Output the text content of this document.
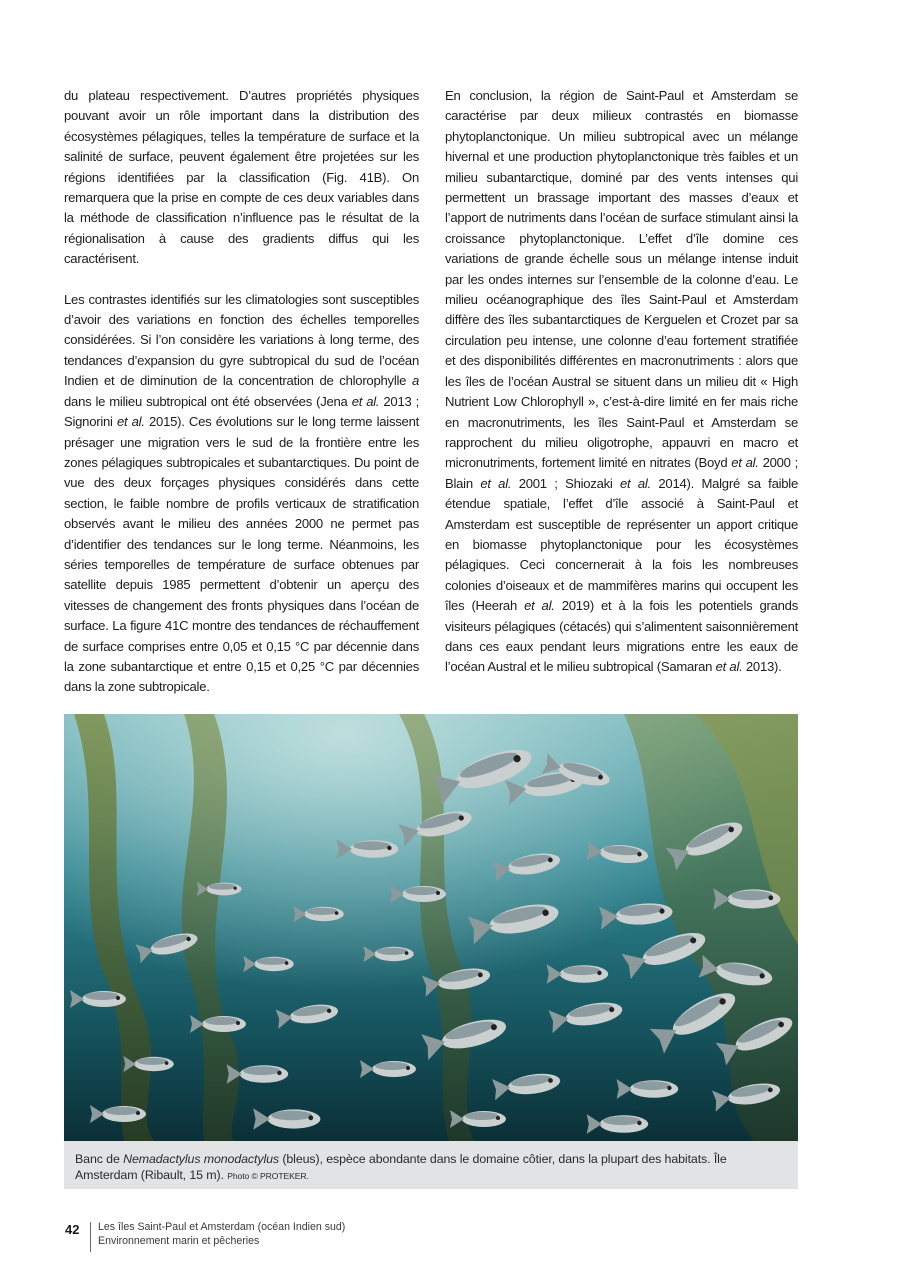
du plateau respectivement. D’autres propriétés physiques pouvant avoir un rôle important dans la distribution des écosystèmes pélagiques, telles la température de surface et la salinité de surface, peuvent également être projetées sur les régions identifiées par la classification (Fig. 41B). On remarquera que la prise en compte de ces deux variables dans la méthode de classification n’influence pas le résultat de la régionalisation à cause des gradients diffus qui les caractérisent.

Les contrastes identifiés sur les climatologies sont susceptibles d’avoir des variations en fonction des échelles temporelles considérées. Si l’on considère les variations à long terme, des tendances d’expansion du gyre subtropical du sud de l’océan Indien et de diminution de la concentration de chlorophylle a dans le milieu subtropical ont été observées (Jena et al. 2013 ; Signorini et al. 2015). Ces évolutions sur le long terme laissent présager une migration vers le sud de la frontière entre les zones pélagiques subtropicales et subantarctiques. Du point de vue des deux forçages physiques considérés dans cette section, le faible nombre de profils verticaux de stratification observés avant le milieu des années 2000 ne permet pas d’identifier des tendances sur le long terme. Néanmoins, les séries temporelles de température de surface obtenues par satellite depuis 1985 permettent d’obtenir un aperçu des vitesses de changement des fronts physiques dans l’océan de surface. La figure 41C montre des tendances de réchauffement de surface comprises entre 0,05 et 0,15 °C par décennie dans la zone subantarctique et entre 0,15 et 0,25 °C par décennies dans la zone subtropicale.

En conclusion, la région de Saint-Paul et Amsterdam se caractérise par deux milieux contrastés en biomasse phytoplanctonique. Un milieu subtropical avec un mélange hivernal et une production phytoplanctonique très faibles et un milieu subantarctique, dominé par des vents intenses qui permettent un brassage important des masses d’eaux et l’apport de nutriments dans l’océan de surface stimulant ainsi la croissance phytoplanctonique. L’effet d’île domine ces variations de grande échelle sous un mélange intense induit par les ondes internes sur l’ensemble de la colonne d’eau. Le milieu océanographique des îles Saint-Paul et Amsterdam diffère des îles subantarctiques de Kerguelen et Crozet par sa circulation peu intense, une colonne d’eau fortement stratifiée et des disponibilités différentes en macronutriments : alors que les îles de l’océan Austral se situent dans un milieu dit « High Nutrient Low Chlorophyll », c’est-à-dire limité en fer mais riche en macronutriments, les îles Saint-Paul et Amsterdam se rapprochent du milieu oligotrophe, appauvri en macro et micronutriments, fortement limité en nitrates (Boyd et al. 2000 ; Blain et al. 2001 ; Shiozaki et al. 2014). Malgré sa faible étendue spatiale, l’effet d’île associé à Saint-Paul et Amsterdam est susceptible de représenter un apport critique en biomasse phytoplanctonique pour les écosystèmes pélagiques. Ceci concernerait à la fois les nombreuses colonies d’oiseaux et de mammifères marins qui occupent les îles (Heerah et al. 2019) et à la fois les potentiels grands visiteurs pélagiques (cétacés) qui s’alimentent saisonnièrement dans ces eaux pendant leurs migrations entre les eaux de l’océan Austral et le milieu subtropical (Samaran et al. 2013).

Banc de Nemadactylus monodactylus (bleus), espèce abondante dans le domaine côtier, dans la plupart des habitats. Île Amsterdam (Ribault, 15 m). Photo © PROTEKER.
42 Les îles Saint-Paul et Amsterdam (océan Indien sud)
Environnement marin et pêcheries
